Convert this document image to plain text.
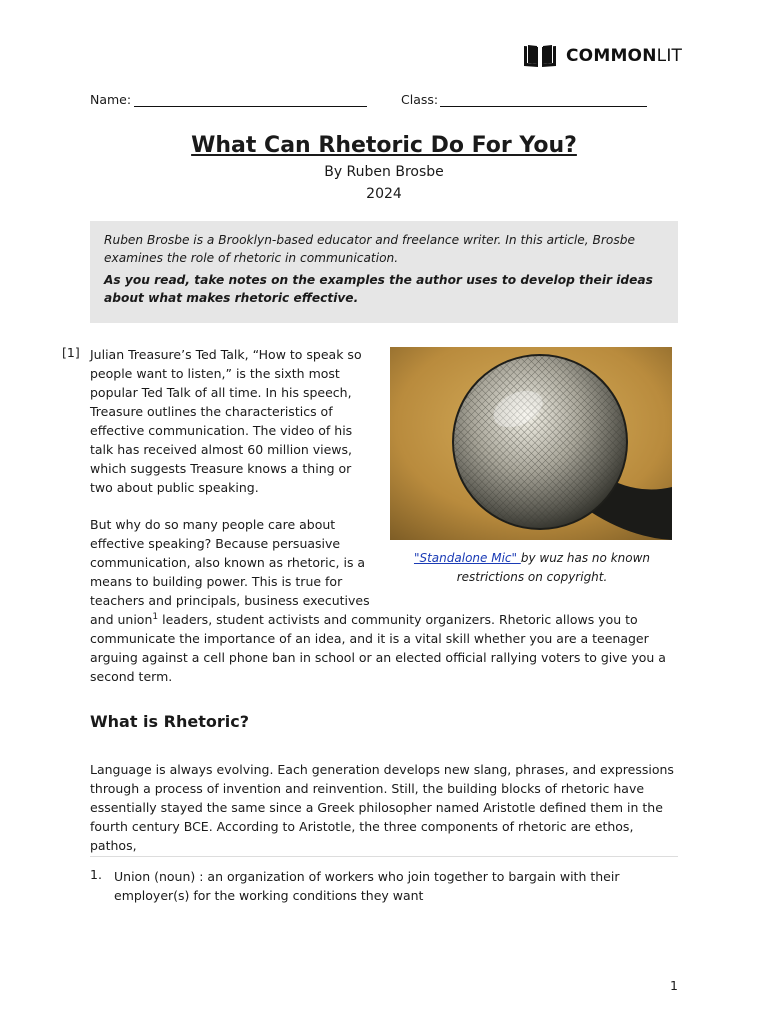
COMMONLIT
Name:	Class:
What Can Rhetoric Do For You?
By Ruben Brosbe
2024

Ruben Brosbe is a Brooklyn-based educator and freelance writer. In this article, Brosbe examines the role of rhetoric in communication.

As you read, take notes on the examples the author uses to develop their ideas about what makes rhetoric effective.

[1] Julian Treasure’s Ted Talk, “How to speak so people want to listen,” is the sixth most popular Ted Talk of all time. In his speech, Treasure outlines the characteristics of effective communication. The video of his talk has received almost 60 million views, which suggests Treasure knows a thing or two about public speaking.

"Standalone Mic" by wuz has no known restrictions on copyright.

But why do so many people care about effective speaking? Because persuasive communication, also known as rhetoric, is a means to building power. This is true for teachers and principals, business executives

and union$^1$ leaders, student activists and community organizers. Rhetoric allows you to communicate the importance of an idea, and it is a vital skill whether you are a teenager arguing against a cell phone ban in school or an elected official rallying voters to give you a second term.

What is Rhetoric?

Language is always evolving. Each generation develops new slang, phrases, and expressions through a process of invention and reinvention. Still, the building blocks of rhetoric have essentially stayed the same since a Greek philosopher named Aristotle defined them in the fourth century BCE. According to Aristotle, the three components of rhetoric are ethos, pathos,

1. Union (noun) : an organization of workers who join together to bargain with their employer(s) for the working conditions they want

1
